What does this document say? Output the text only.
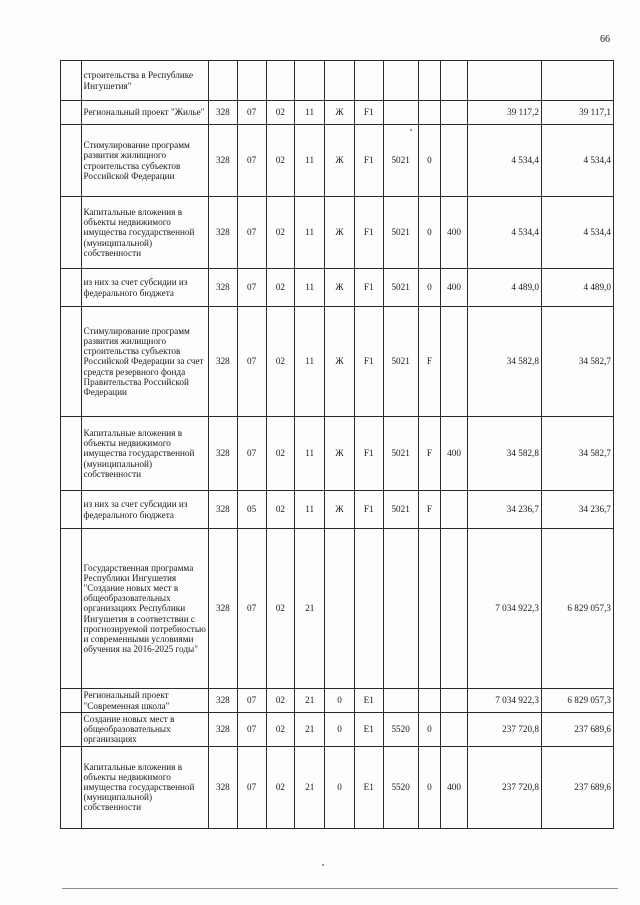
66
	строительства в Республике Ингушетия"											
	Региональный проект "Жилье"	328	07	02	11	Ж	F1				39 117,2	39 117,1
	Стимулирование программ развития жилищного строительства субъектов Российской Федерации	328	07	02	11	Ж	F1	5021	0		4 534,4	4 534,4
	Капитальные вложения в объекты недвижимого имущества государственной (муниципальной) собственности	328	07	02	11	Ж	F1	5021	0	400	4 534,4	4 534,4
	из них за счет субсидии из федерального бюджета	328	07	02	11	Ж	F1	5021	0	400	4 489,0	4 489,0
	Стимулирование программ развития жилищного строительства субъектов Российской Федерации за счет средств резервного фонда Правительства Российской Федерации	328	07	02	11	Ж	F1	5021	F		34 582,8	34 582,7
	Капитальные вложения в объекты недвижимого имущества государственной (муниципальной) собственности	328	07	02	11	Ж	F1	5021	F	400	34 582,8	34 582,7
	из них за счет субсидии из федерального бюджета	328	05	02	11	Ж	F1	5021	F		34 236,7	34 236,7
	Государственная программа Республики Ингушетия "Создание новых мест в общеобразовательных организациях Республики Ингушетия в соответствии с прогнозируемой потребностью и современными условиями обучения на 2016-2025 годы"	328	07	02	21						7 034 922,3	6 829 057,3
	Региональный проект "Современная школа"	328	07	02	21	0	E1				7 034 922,3	6 829 057,3
	Создание новых мест в общеобразовательных организациях	328	07	02	21	0	E1	5520	0		237 720,8	237 689,6
	Капитальные вложения в объекты недвижимого имущества государственной (муниципальной) собственности	328	07	02	21	0	E1	5520	0	400	237 720,8	237 689,6
